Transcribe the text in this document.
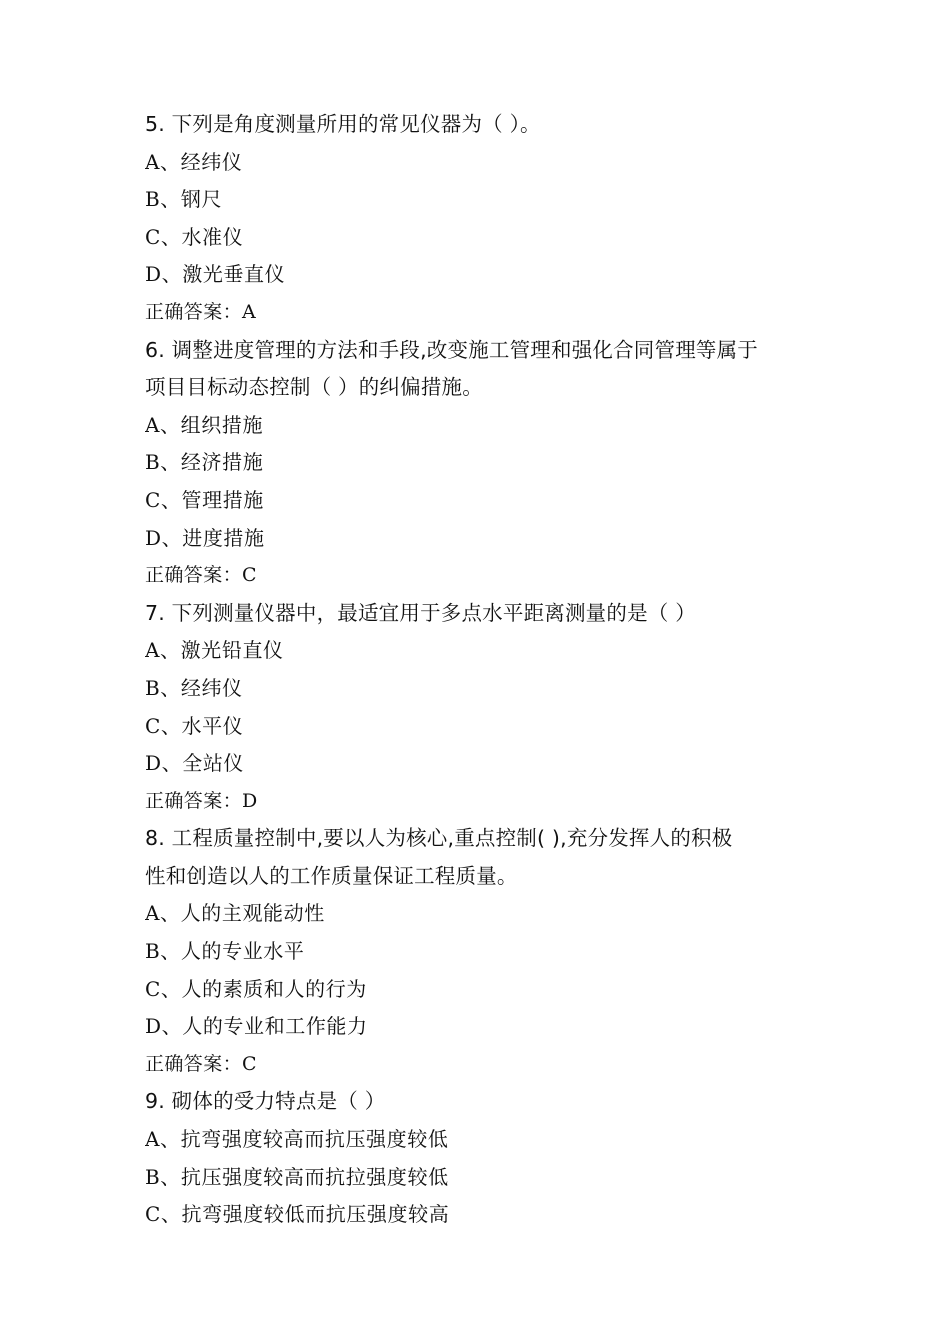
5. 下列是角度测量所用的常见仪器为（ ）。
A、经纬仪
B、钢尺
C、水准仪
D、激光垂直仪
正确答案：A
6. 调整进度管理的方法和手段,改变施工管理和强化合同管理等属于
项目目标动态控制（ ）的纠偏措施。
A、组织措施
B、经济措施
C、管理措施
D、进度措施
正确答案：C
7. 下列测量仪器中，最适宜用于多点水平距离测量的是（ ）
A、激光铅直仪
B、经纬仪
C、水平仪
D、全站仪
正确答案：D
8. 工程质量控制中,要以人为核心,重点控制( ),充分发挥人的积极
性和创造以人的工作质量保证工程质量。
A、人的主观能动性
B、人的专业水平
C、人的素质和人的行为
D、人的专业和工作能力
正确答案：C
9. 砌体的受力特点是（ ）
A、抗弯强度较高而抗压强度较低
B、抗压强度较高而抗拉强度较低
C、抗弯强度较低而抗压强度较高
